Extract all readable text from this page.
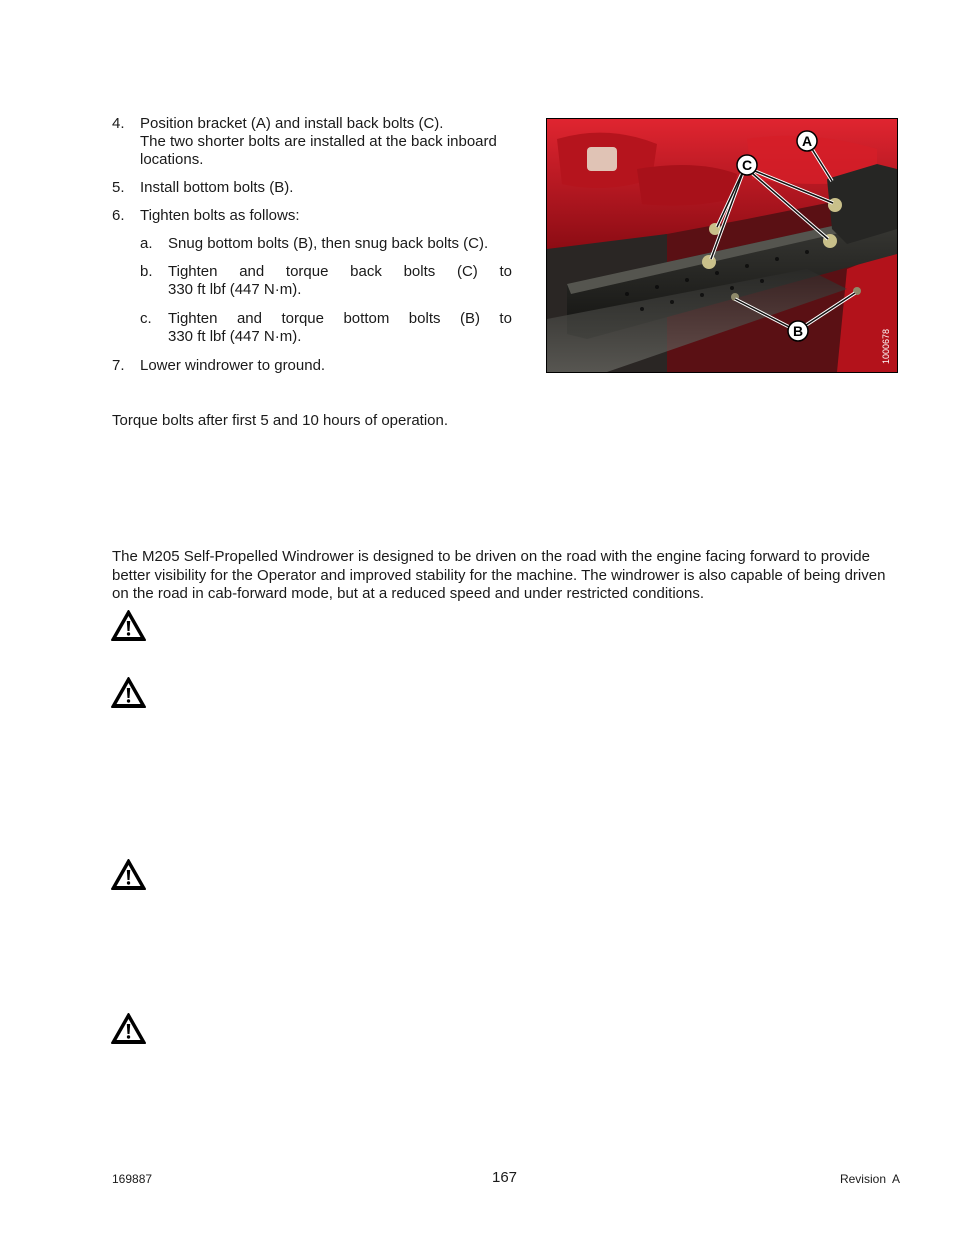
4. Position bracket (A) and install back bolts (C).
The two shorter bolts are installed at the back inboard
locations.
5. Install bottom bolts (B).
6. Tighten bolts as follows:
a. Snug bottom bolts (B), then snug back bolts (C).
b. Tighten and torque back bolts (C) to
330 ft lbf (447 N·m).
c. Tighten and torque bottom bolts (B) to
330 ft lbf (447 N·m).
7. Lower windrower to ground.
A
C
B	1000678
Torque bolts after first 5 and 10 hours of operation.
The M205 Self-Propelled Windrower is designed to be driven on the road with the engine facing forward to provide
better visibility for the Operator and improved stability for the machine. The windrower is also capable of being driven
on the road in cab-forward mode, but at a reduced speed and under restricted conditions.
169887	167	Revision  A
